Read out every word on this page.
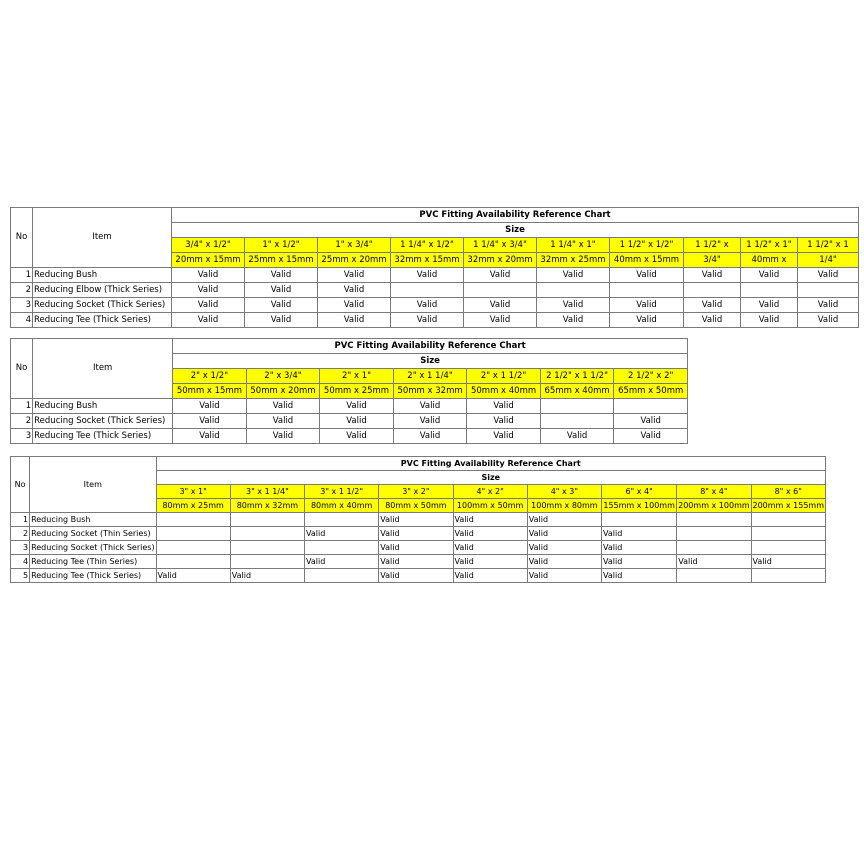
No	Item	PVC Fitting Availability Reference Chart									
		Size									
		3/4" x 1/2"	1" x 1/2"	1" x 3/4"	1 1/4" x 1/2"	1 1/4" x 3/4"	1 1/4" x 1"	1 1/2" x 1/2"	1 1/2" x	1 1/2" x 1"	1 1/2" x 1
		20mm x 15mm	25mm x 15mm	25mm x 20mm	32mm x 15mm	32mm x 20mm	32mm x 25mm	40mm x 15mm	3/4"	40mm x	1/4"
1	Reducing Bush	Valid	Valid	Valid	Valid	Valid	Valid	Valid	Valid	Valid	Valid
2	Reducing Elbow (Thick Series)	Valid	Valid	Valid							
3	Reducing Socket (Thick Series)	Valid	Valid	Valid	Valid	Valid	Valid	Valid	Valid	Valid	Valid
4	Reducing Tee (Thick Series)	Valid	Valid	Valid	Valid	Valid	Valid	Valid	Valid	Valid	Valid
No	Item	PVC Fitting Availability Reference Chart						
		Size						
		2" x 1/2"	2" x 3/4"	2" x 1"	2" x 1 1/4"	2" x 1 1/2"	2 1/2" x 1 1/2"	2 1/2" x 2"
		50mm x 15mm	50mm x 20mm	50mm x 25mm	50mm x 32mm	50mm x 40mm	65mm x 40mm	65mm x 50mm
1	Reducing Bush	Valid	Valid	Valid	Valid	Valid		
2	Reducing Socket (Thick Series)	Valid	Valid	Valid	Valid	Valid		Valid
3	Reducing Tee (Thick Series)	Valid	Valid	Valid	Valid	Valid	Valid	Valid
No	Item	PVC Fitting Availability Reference Chart								
		Size								
		3" x 1"	3" x 1 1/4"	3" x 1 1/2"	3" x 2"	4" x 2"	4" x 3"	6" x 4"	8" x 4"	8" x 6"
		80mm x 25mm	80mm x 32mm	80mm x 40mm	80mm x 50mm	100mm x 50mm	100mm x 80mm	155mm x 100mm	200mm x 100mm	200mm x 155mm
1	Reducing Bush				Valid	Valid	Valid			
2	Reducing Socket (Thin Series)			Valid	Valid	Valid	Valid	Valid		
3	Reducing Socket (Thick Series)				Valid	Valid	Valid	Valid		
4	Reducing Tee (Thin Series)			Valid	Valid	Valid	Valid	Valid	Valid	Valid
5	Reducing Tee (Thick Series)	Valid	Valid		Valid	Valid	Valid	Valid		
